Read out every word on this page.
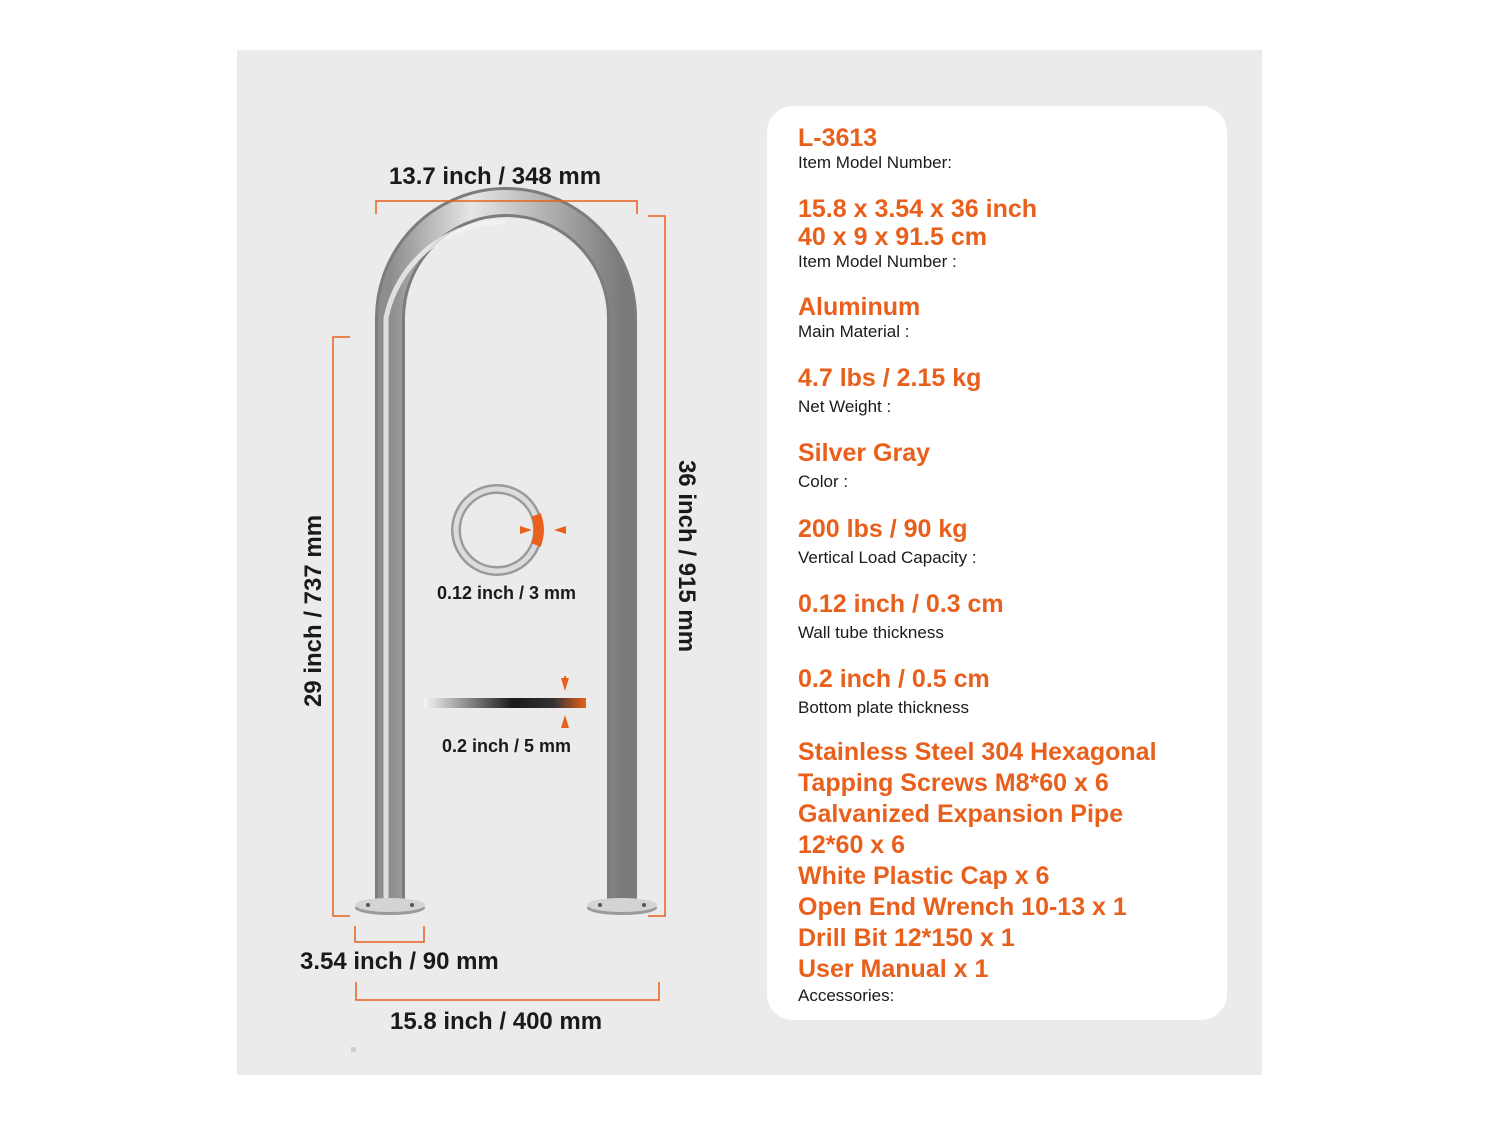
13.7 inch / 348 mm
36 inch / 915 mm
29 inch / 737 mm
3.54 inch / 90 mm
15.8 inch / 400 mm
0.12 inch / 3 mm
0.2 inch / 5 mm
L-3613
Item Model Number:
15.8 x 3.54 x 36 inch
40 x 9 x 91.5 cm
Item Model Number :
Aluminum
Main Material :
4.7 lbs / 2.15 kg
Net Weight :
Silver Gray
Color :
200 lbs / 90 kg
Vertical Load Capacity :
0.12 inch / 0.3 cm
Wall tube thickness
0.2 inch / 0.5 cm
Bottom plate thickness
Stainless Steel 304 Hexagonal
Tapping Screws M8*60 x 6
Galvanized Expansion Pipe
12*60 x 6
White Plastic Cap x 6
Open End Wrench 10-13 x 1
Drill Bit 12*150 x 1
User Manual x 1
Accessories:
